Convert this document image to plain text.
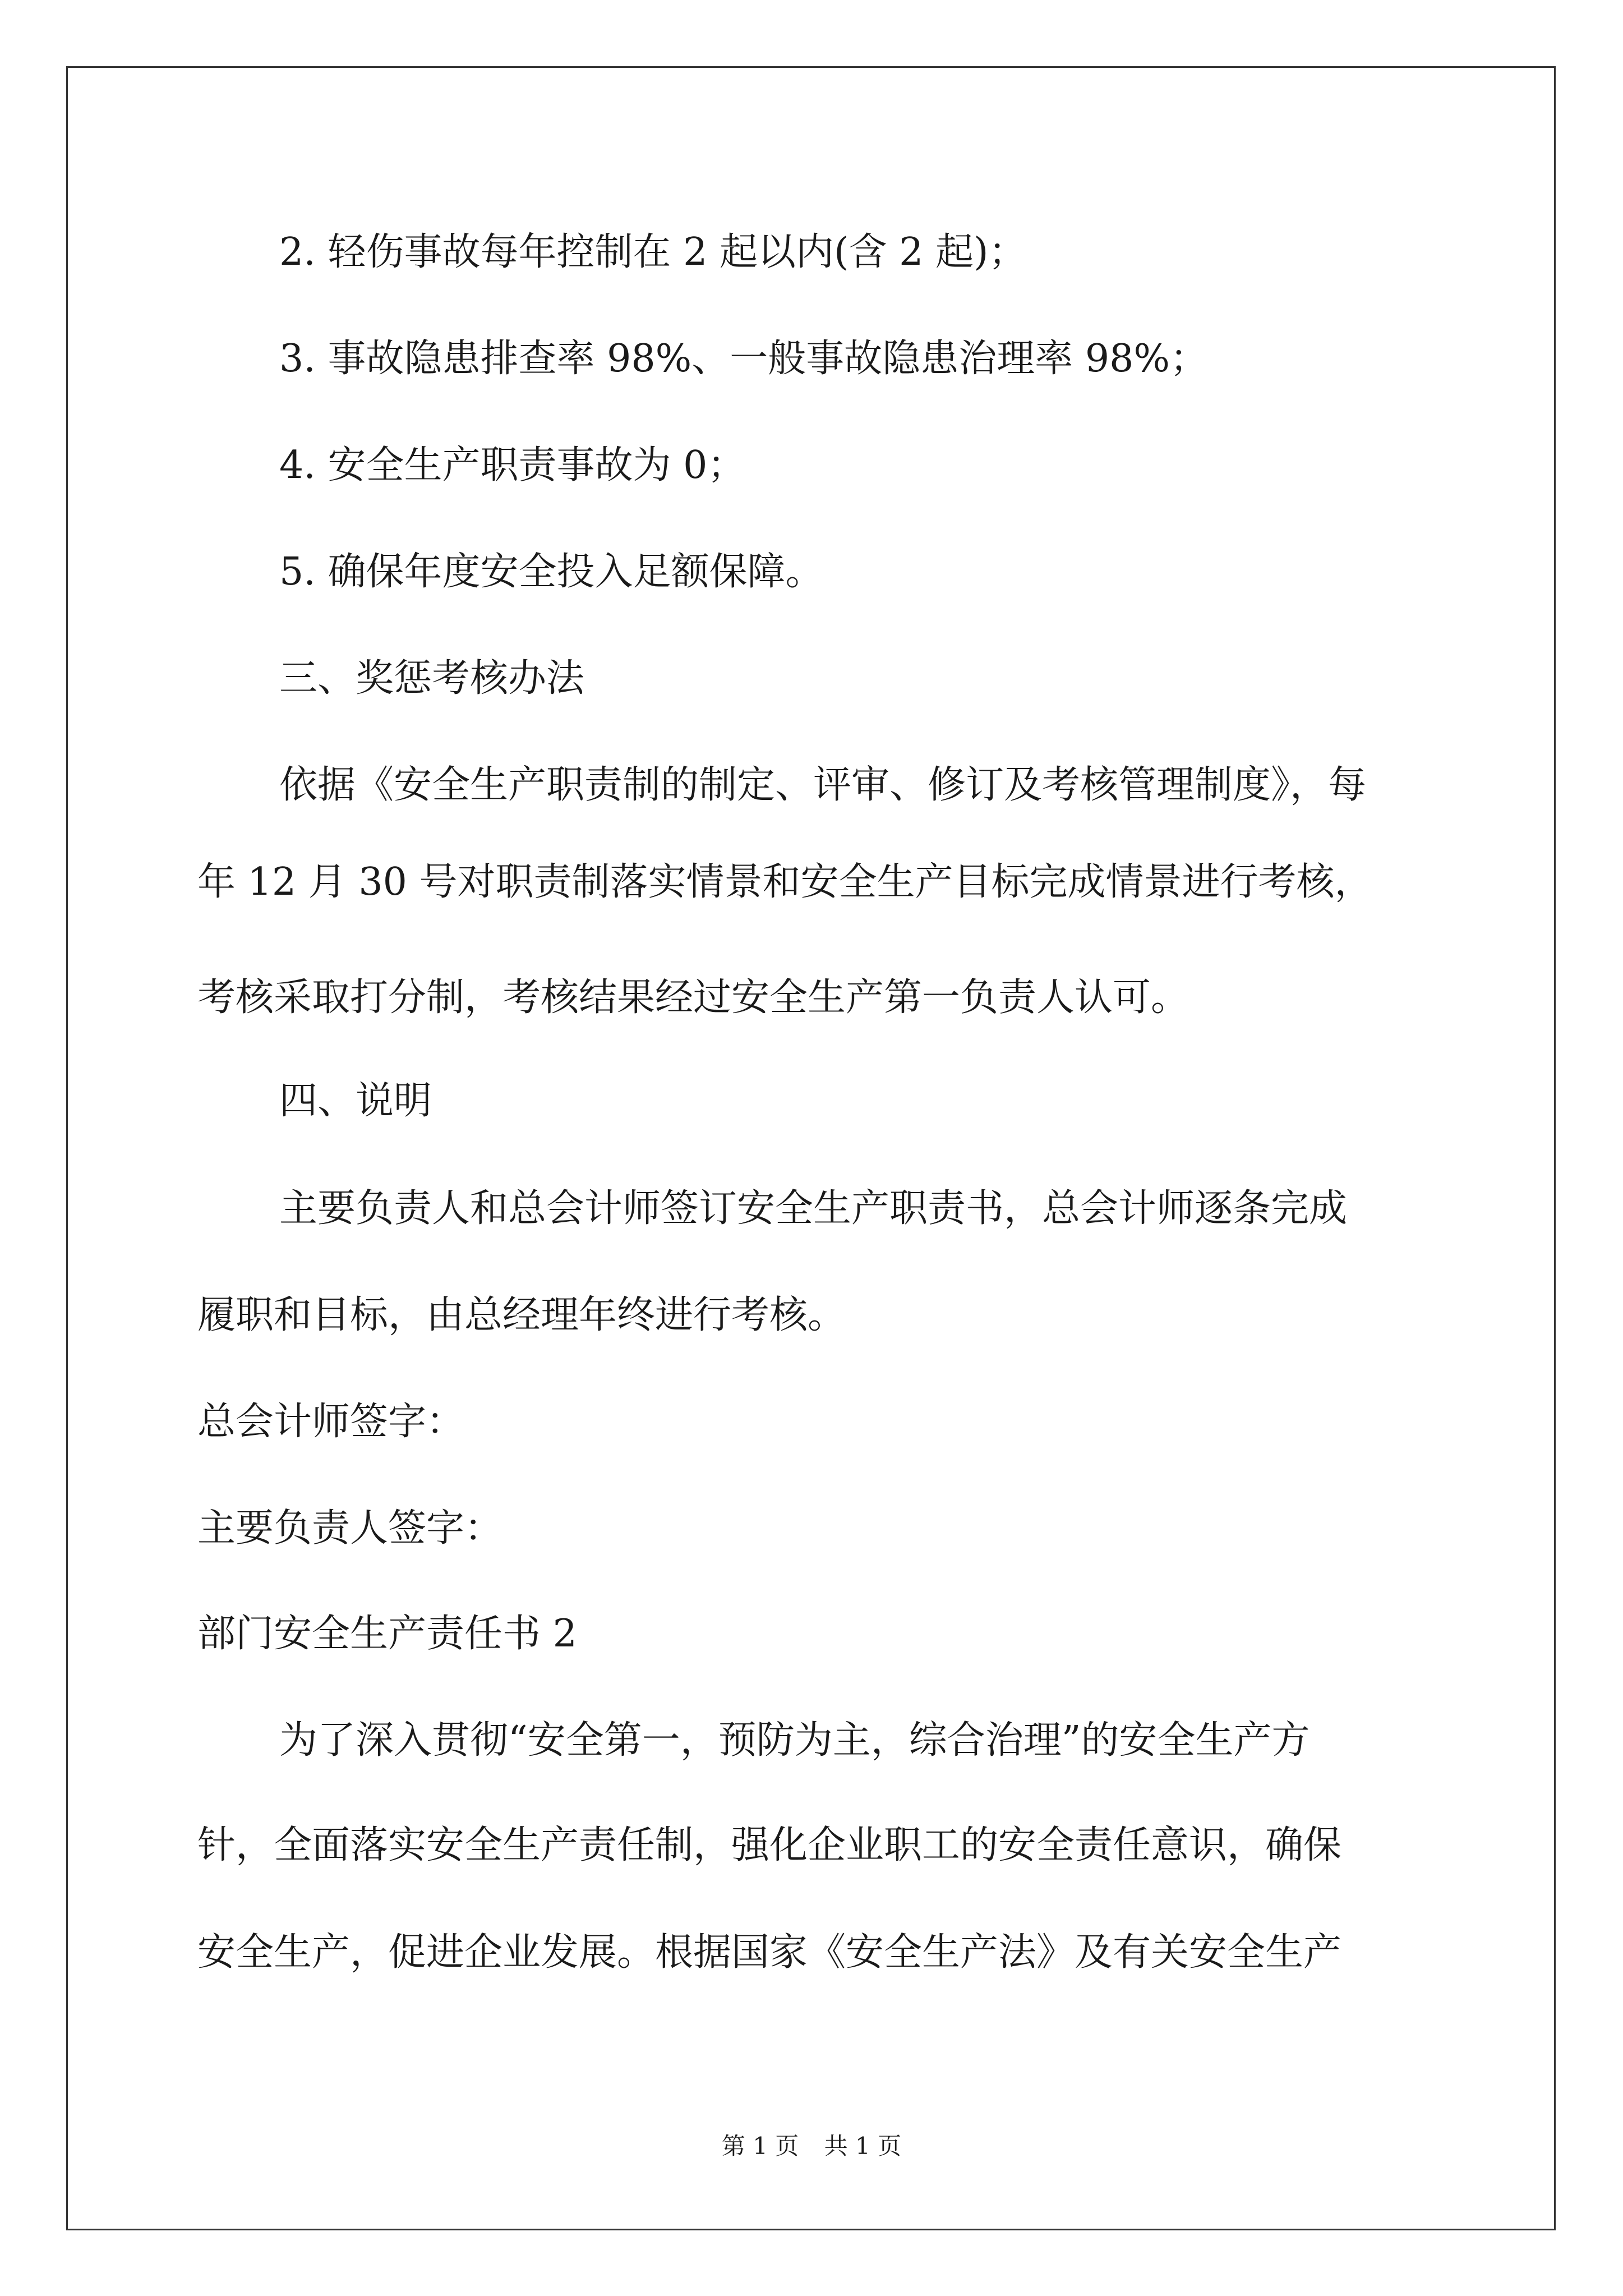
2. 轻伤事故每年控制在 2 起以内(含 2 起)；
3. 事故隐患排查率 98%、一般事故隐患治理率 98%；
4. 安全生产职责事故为 0；
5. 确保年度安全投入足额保障。
三、奖惩考核办法
依据《安全生产职责制的制定、评审、修订及考核管理制度》，每
年 12 月 30 号对职责制落实情景和安全生产目标完成情景进行考核，
考核采取打分制，考核结果经过安全生产第一负责人认可。
四、说明
主要负责人和总会计师签订安全生产职责书，总会计师逐条完成
履职和目标，由总经理年终进行考核。
总会计师签字：
主要负责人签字：
部门安全生产责任书 2
为了深入贯彻“安全第一，预防为主，综合治理”的安全生产方
针，全面落实安全生产责任制，强化企业职工的安全责任意识，确保
安全生产，促进企业发展。根据国家《安全生产法》及有关安全生产
第 1 页 共 1 页
